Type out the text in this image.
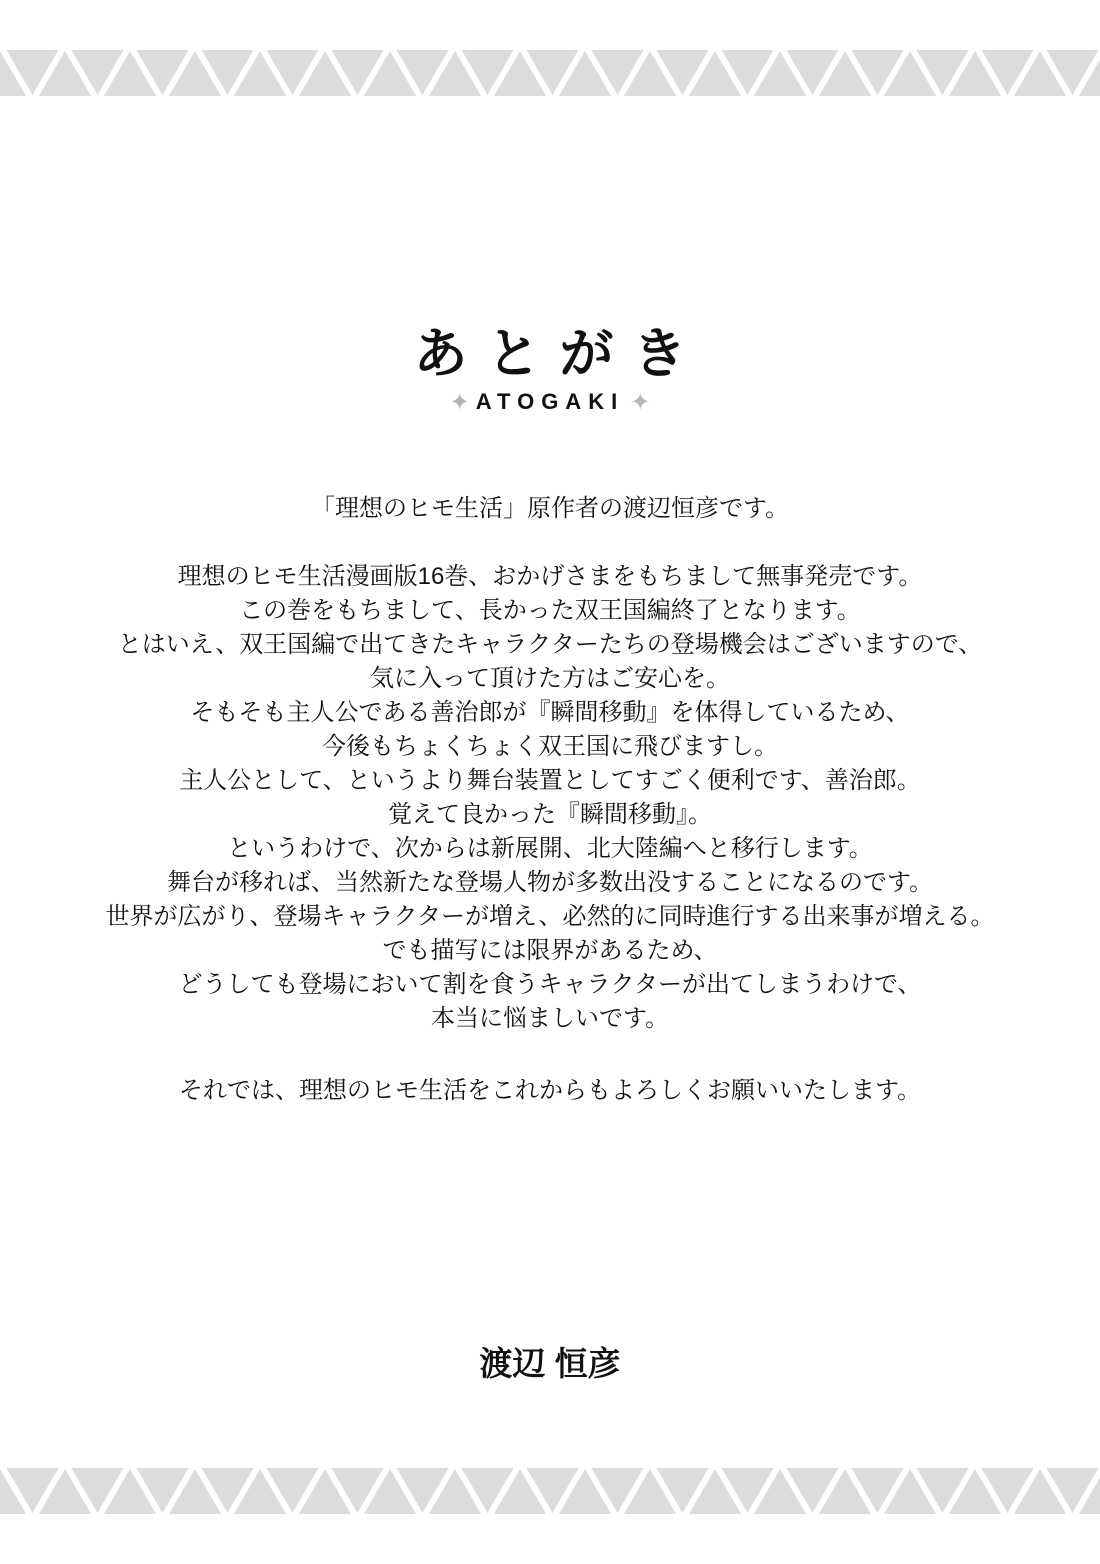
あとがき
✦ ATOGAKI ✦

「理想のヒモ生活」原作者の渡辺恒彦です。

理想のヒモ生活漫画版16巻、おかげさまをもちまして無事発売です。
この巻をもちまして、長かった双王国編終了となります。
とはいえ、双王国編で出てきたキャラクターたちの登場機会はございますので、
気に入って頂けた方はご安心を。
そもそも主人公である善治郎が『瞬間移動』を体得しているため、
今後もちょくちょく双王国に飛びますし。
主人公として、というより舞台装置としてすごく便利です、善治郎。
覚えて良かった『瞬間移動』。
というわけで、次からは新展開、北大陸編へと移行します。
舞台が移れば、当然新たな登場人物が多数出没することになるのです。
世界が広がり、登場キャラクターが増え、必然的に同時進行する出来事が増える。
でも描写には限界があるため、
どうしても登場において割を食うキャラクターが出てしまうわけで、
本当に悩ましいです。

それでは、理想のヒモ生活をこれからもよろしくお願いいたします。

渡辺 恒彦
